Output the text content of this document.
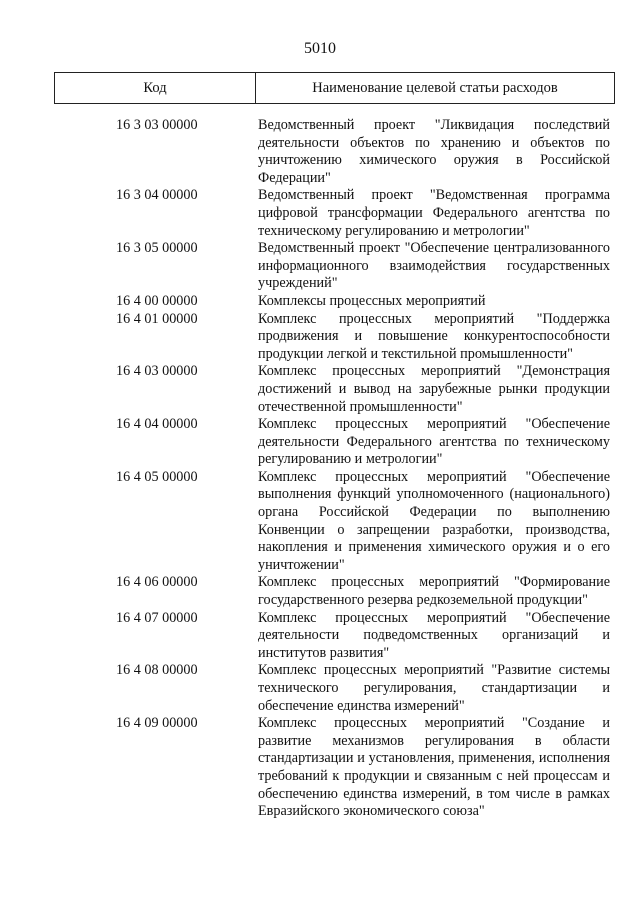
5010
Код	Наименование целевой статьи расходов
16 3 03 00000	Ведомственный проект "Ликвидация последствий деятельности объектов по хранению и объектов по уничтожению химического оружия в Российской Федерации"
16 3 04 00000	Ведомственный проект "Ведомственная программа цифровой трансформации Федерального агентства по техническому регулированию и метрологии"
16 3 05 00000	Ведомственный проект "Обеспечение централизованного информационного взаимодействия государственных учреждений"
16 4 00 00000	Комплексы процессных мероприятий
16 4 01 00000	Комплекс процессных мероприятий "Поддержка продвижения и повышение конкурентоспособности продукции легкой и текстильной промышленности"
16 4 03 00000	Комплекс процессных мероприятий "Демонстрация достижений и вывод на зарубежные рынки продукции отечественной промышленности"
16 4 04 00000	Комплекс процессных мероприятий "Обеспечение деятельности Федерального агентства по техническому регулированию и метрологии"
16 4 05 00000	Комплекс процессных мероприятий "Обеспечение выполнения функций уполномоченного (национального) органа Российской Федерации по выполнению Конвенции о запрещении разработки, производства, накопления и применения химического оружия и о его уничтожении"
16 4 06 00000	Комплекс процессных мероприятий "Формирование государственного резерва редкоземельной продукции"
16 4 07 00000	Комплекс процессных мероприятий "Обеспечение деятельности подведомственных организаций и институтов развития"
16 4 08 00000	Комплекс процессных мероприятий "Развитие системы технического регулирования, стандартизации и обеспечение единства измерений"
16 4 09 00000	Комплекс процессных мероприятий "Создание и развитие механизмов регулирования в области стандартизации и установления, применения, исполнения требований к продукции и связанным с ней процессам и обеспечению единства измерений, в том числе в рамках Евразийского экономического союза"
